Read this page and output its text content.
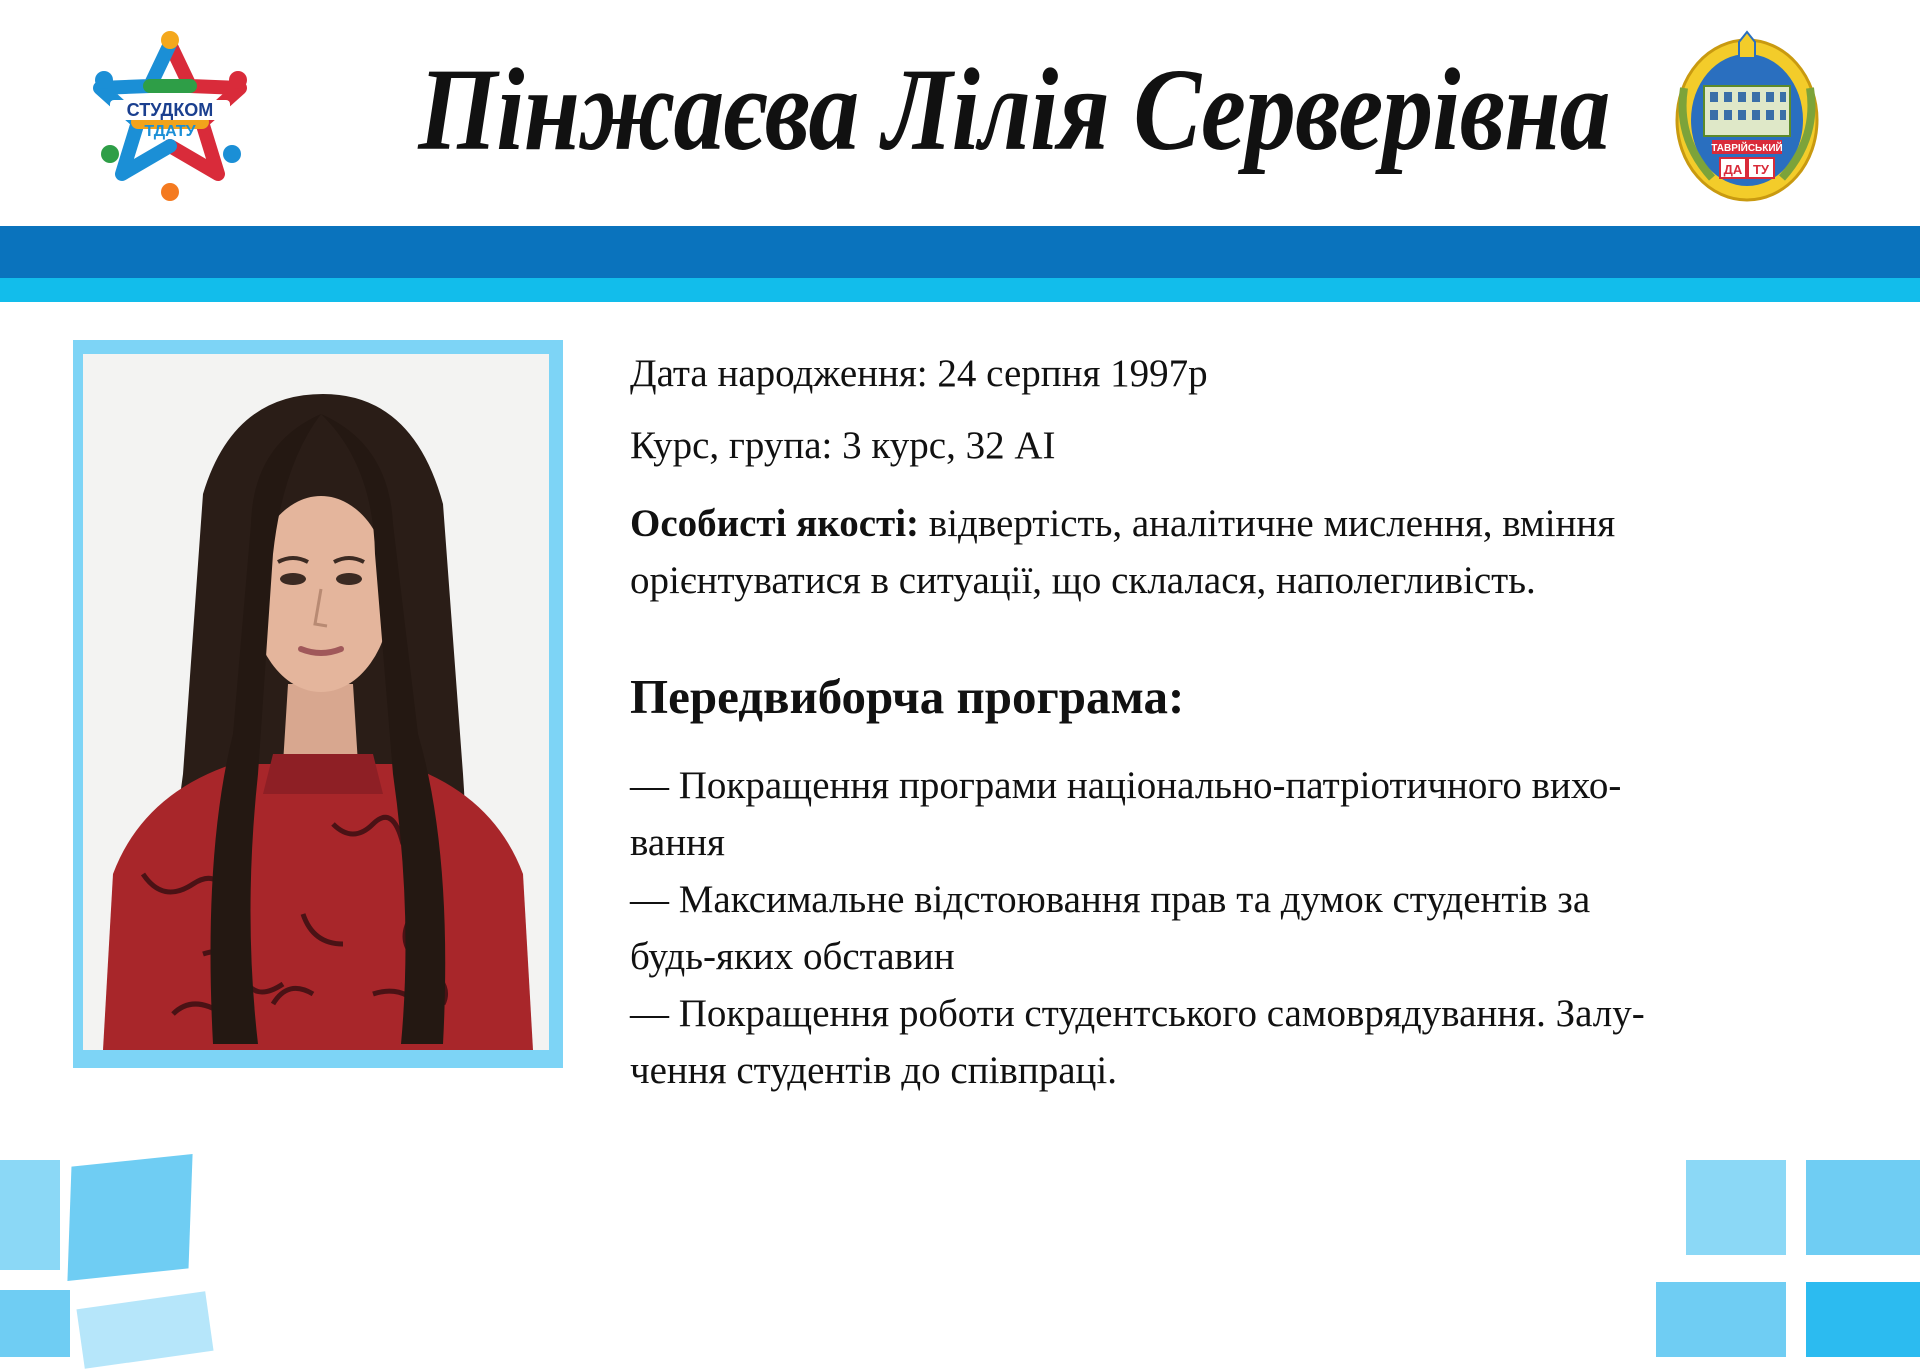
СТУДКОМ
ТДАТУ Пінжаєва Лілія Серверівна	ТАВРІЙСЬКИЙ
ДА ТУ

Дата народження: 24 серпня 1997р

Курс, група: 3 курс, 32 АІ

Особисті якості: відвертість, аналітичне мислення, вміння

орієнтуватися в ситуації, що склалася, наполегливість.

Передвиборча програма:

— Покращення програми національно-патріотичного вихо-

вання

— Максимальне відстоювання прав та думок студентів за

будь-яких обставин

— Покращення роботи студентського самоврядування. Залу-

чення студентів до співпраці.
